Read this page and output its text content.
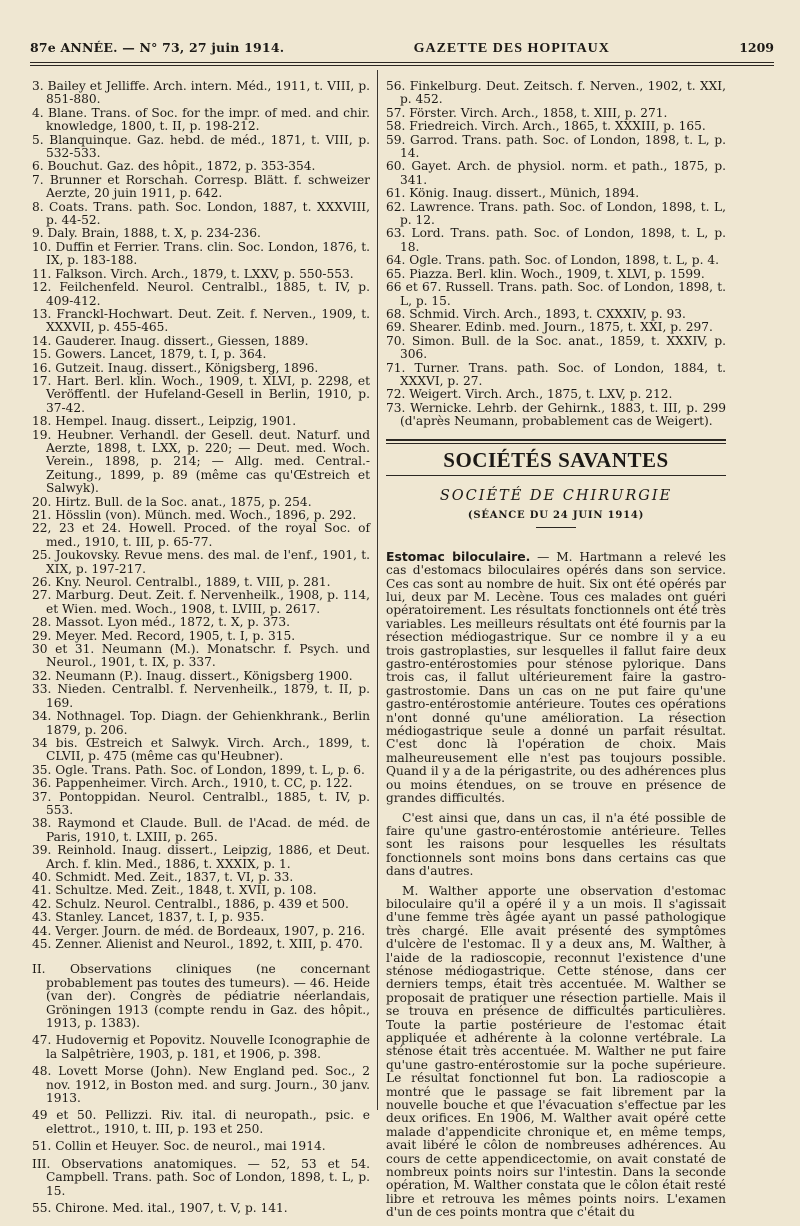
87e ANNÉE. — N° 73, 27 juin 1914.	GAZETTE DES HOPITAUX	1209
3. Bailey et Jelliffe. Arch. intern. Méd., 1911, t. VIII, p. 851-880.
4. Blane. Trans. of Soc. for the impr. of med. and chir. knowledge, 1800, t. II, p. 198-212.
5. Blanquinque. Gaz. hebd. de méd., 1871, t. VIII, p. 532-533.
6. Bouchut. Gaz. des hôpit., 1872, p. 353-354.
7. Brunner et Rorschah. Corresp. Blätt. f. schweizer Aerzte, 20 juin 1911, p. 642.
8. Coats. Trans. path. Soc. London, 1887, t. XXXVIII, p. 44-52.
9. Daly. Brain, 1888, t. X, p. 234-236.
10. Duffin et Ferrier. Trans. clin. Soc. London, 1876, t. IX, p. 183-188.
11. Falkson. Virch. Arch., 1879, t. LXXV, p. 550-553.
12. Feilchenfeld. Neurol. Centralbl., 1885, t. IV, p. 409-412.
13. Franckl-Hochwart. Deut. Zeit. f. Nerven., 1909, t. XXXVII, p. 455-465.
14. Gauderer. Inaug. dissert., Giessen, 1889.
15. Gowers. Lancet, 1879, t. I, p. 364.
16. Gutzeit. Inaug. dissert., Königsberg, 1896.
17. Hart. Berl. klin. Woch., 1909, t. XLVI, p. 2298, et Veröffentl. der Hufeland-Gesell in Berlin, 1910, p. 37-42.
18. Hempel. Inaug. dissert., Leipzig, 1901.
19. Heubner. Verhandl. der Gesell. deut. Naturf. und Aerzte, 1898, t. LXX, p. 220; — Deut. med. Woch. Verein., 1898, p. 214; — Allg. med. Central.-Zeitung., 1899, p. 89 (même cas qu'Œstreich et Salwyk).
20. Hirtz. Bull. de la Soc. anat., 1875, p. 254.
21. Hösslin (von). Münch. med. Woch., 1896, p. 292.
22, 23 et 24. Howell. Proced. of the royal Soc. of med., 1910, t. III, p. 65-77.
25. Joukovsky. Revue mens. des mal. de l'enf., 1901, t. XIX, p. 197-217.
26. Kny. Neurol. Centralbl., 1889, t. VIII, p. 281.
27. Marburg. Deut. Zeit. f. Nervenheilk., 1908, p. 114, et Wien. med. Woch., 1908, t. LVIII, p. 2617.
28. Massot. Lyon méd., 1872, t. X, p. 373.
29. Meyer. Med. Record, 1905, t. I, p. 315.
30 et 31. Neumann (M.). Monatschr. f. Psych. und Neurol., 1901, t. IX, p. 337.
32. Neumann (P.). Inaug. dissert., Königsberg 1900.
33. Nieden. Centralbl. f. Nervenheilk., 1879, t. II, p. 169.
34. Nothnagel. Top. Diagn. der Gehienkhrank., Berlin 1879, p. 206.
34 bis. Œstreich et Salwyk. Virch. Arch., 1899, t. CLVII, p. 475 (même cas qu'Heubner).
35. Ogle. Trans. Path. Soc. of London, 1899, t. L, p. 6.
36. Pappenheimer. Virch. Arch., 1910, t. CC, p. 122.
37. Pontoppidan. Neurol. Centralbl., 1885, t. IV, p. 553.
38. Raymond et Claude. Bull. de l'Acad. de méd. de Paris, 1910, t. LXIII, p. 265.
39. Reinhold. Inaug. dissert., Leipzig, 1886, et Deut. Arch. f. klin. Med., 1886, t. XXXIX, p. 1.
40. Schmidt. Med. Zeit., 1837, t. VI, p. 33.
41. Schultze. Med. Zeit., 1848, t. XVII, p. 108.
42. Schulz. Neurol. Centralbl., 1886, p. 439 et 500.
43. Stanley. Lancet, 1837, t. I, p. 935.
44. Verger. Journ. de méd. de Bordeaux, 1907, p. 216.
45. Zenner. Alienist and Neurol., 1892, t. XIII, p. 470.
II. Observations cliniques (ne concernant probablement pas toutes des tumeurs). — 46. Heide (van der). Congrès de pédiatrie néerlandais, Gröningen 1913 (compte rendu in Gaz. des hôpit., 1913, p. 1383).
47. Hudovernig et Popovitz. Nouvelle Iconographie de la Salpêtrière, 1903, p. 181, et 1906, p. 398.
48. Lovett Morse (John). New England ped. Soc., 2 nov. 1912, in Boston med. and surg. Journ., 30 janv. 1913.
49 et 50. Pellizzi. Riv. ital. di neuropath., psic. e elettrot., 1910, t. III, p. 193 et 250.
51. Collin et Heuyer. Soc. de neurol., mai 1914.
III. Observations anatomiques. — 52, 53 et 54. Campbell. Trans. path. Soc of London, 1898, t. L, p. 15.
55. Chirone. Med. ital., 1907, t. V, p. 141.
56. Finkelburg. Deut. Zeitsch. f. Nerven., 1902, t. XXI, p. 452.
57. Förster. Virch. Arch., 1858, t. XIII, p. 271.
58. Friedreich. Virch. Arch., 1865, t. XXXIII, p. 165.
59. Garrod. Trans. path. Soc. of London, 1898, t. L, p. 14.
60. Gayet. Arch. de physiol. norm. et path., 1875, p. 341.
61. König. Inaug. dissert., Münich, 1894.
62. Lawrence. Trans. path. Soc. of London, 1898, t. L, p. 12.
63. Lord. Trans. path. Soc. of London, 1898, t. L, p. 18.
64. Ogle. Trans. path. Soc. of London, 1898, t. L, p. 4.
65. Piazza. Berl. klin. Woch., 1909, t. XLVI, p. 1599.
66 et 67. Russell. Trans. path. Soc. of London, 1898, t. L, p. 15.
68. Schmid. Virch. Arch., 1893, t. CXXXIV, p. 93.
69. Shearer. Edinb. med. Journ., 1875, t. XXI, p. 297.
70. Simon. Bull. de la Soc. anat., 1859, t. XXXIV, p. 306.
71. Turner. Trans. path. Soc. of London, 1884, t. XXXVI, p. 27.
72. Weigert. Virch. Arch., 1875, t. LXV, p. 212.
73. Wernicke. Lehrb. der Gehirnk., 1883, t. III, p. 299 (d'après Neumann, probablement cas de Weigert).
SOCIÉTÉS SAVANTES
SOCIÉTÉ DE CHIRURGIE
(SÉANCE DU 24 JUIN 1914)

Estomac biloculaire. — M. Hartmann a relevé les cas d'estomacs biloculaires opérés dans son service. Ces cas sont au nombre de huit. Six ont été opérés par lui, deux par M. Lecène. Tous ces malades ont guéri opératoirement. Les résultats fonctionnels ont été très variables. Les meilleurs résultats ont été fournis par la résection médiogastrique. Sur ce nombre il y a eu trois gastroplasties, sur lesquelles il fallut faire deux gastro-entérostomies pour sténose pylorique. Dans trois cas, il fallut ultérieurement faire la gastro-gastrostomie. Dans un cas on ne put faire qu'une gastro-entérostomie antérieure. Toutes ces opérations n'ont donné qu'une amélioration. La résection médiogastrique seule a donné un parfait résultat. C'est donc là l'opération de choix. Mais malheureusement elle n'est pas toujours possible. Quand il y a de la périgastrite, ou des adhérences plus ou moins étendues, on se trouve en présence de grandes difficultés.

C'est ainsi que, dans un cas, il n'a été possible de faire qu'une gastro-entérostomie antérieure. Telles sont les raisons pour lesquelles les résultats fonctionnels sont moins bons dans certains cas que dans d'autres.

M. Walther apporte une observation d'estomac biloculaire qu'il a opéré il y a un mois. Il s'agissait d'une femme très âgée ayant un passé pathologique très chargé. Elle avait présenté des symptômes d'ulcère de l'estomac. Il y a deux ans, M. Walther, à l'aide de la radioscopie, reconnut l'existence d'une sténose médiogastrique. Cette sténose, dans cer derniers temps, était très accentuée. M. Walther se proposait de pratiquer une résection partielle. Mais il se trouva en présence de difficultés particulières. Toute la partie postérieure de l'estomac était appliquée et adhérente à la colonne vertébrale. La sténose était très accentuée. M. Walther ne put faire qu'une gastro-entérostomie sur la poche supérieure. Le résultat fonctionnel fut bon. La radioscopie a montré que le passage se fait librement par la nouvelle bouche et que l'évacuation s'effectue par les deux orifices. En 1906, M. Walther avait opéré cette malade d'appendicite chronique et, en même temps, avait libéré le côlon de nombreuses adhérences. Au cours de cette appendicectomie, on avait constaté de nombreux points noirs sur l'intestin. Dans la seconde opération, M. Walther constata que le côlon était resté libre et retrouva les mêmes points noirs. L'examen d'un de ces points montra que c'était du
